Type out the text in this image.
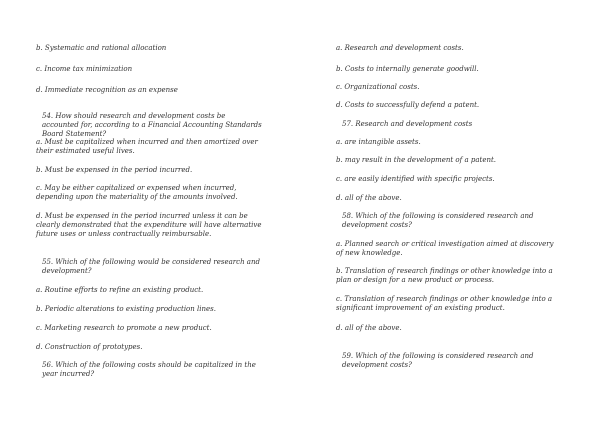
b. Systematic and rational allocation

c. Income tax minimization

d. Immediate recognition as an expense

54. How should research and development costs be accounted for, according to a Financial Accounting Standards Board Statement?

a. Must be capitalized when incurred and then amortized over their estimated useful lives.

b. Must be expensed in the period incurred.

c. May be either capitalized or expensed when incurred, depending upon the materiality of the amounts involved.

d. Must be expensed in the period incurred unless it can be clearly demonstrated that the expenditure will have alternative future uses or unless contractually reimbursable.

55. Which of the following would be considered research and development?

a. Routine efforts to refine an existing product.

b. Periodic alterations to existing production lines.

c. Marketing research to promote a new product.

d. Construction of prototypes.

56. Which of the following costs should be capitalized in the year incurred?

a. Research and development costs.

b. Costs to internally generate goodwill.

c. Organizational costs.

d. Costs to successfully defend a patent.

57. Research and development costs

a. are intangible assets.

b. may result in the development of a patent.

c. are easily identified with specific projects.

d. all of the above.

58. Which of the following is considered research and development costs?

a. Planned search or critical investigation aimed at discovery of new knowledge.

b. Translation of research findings or other knowledge into a plan or design for a new product or process.

c. Translation of research findings or other knowledge into a significant improvement of an existing product.

d. all of the above.

59. Which of the following is considered research and development costs?
